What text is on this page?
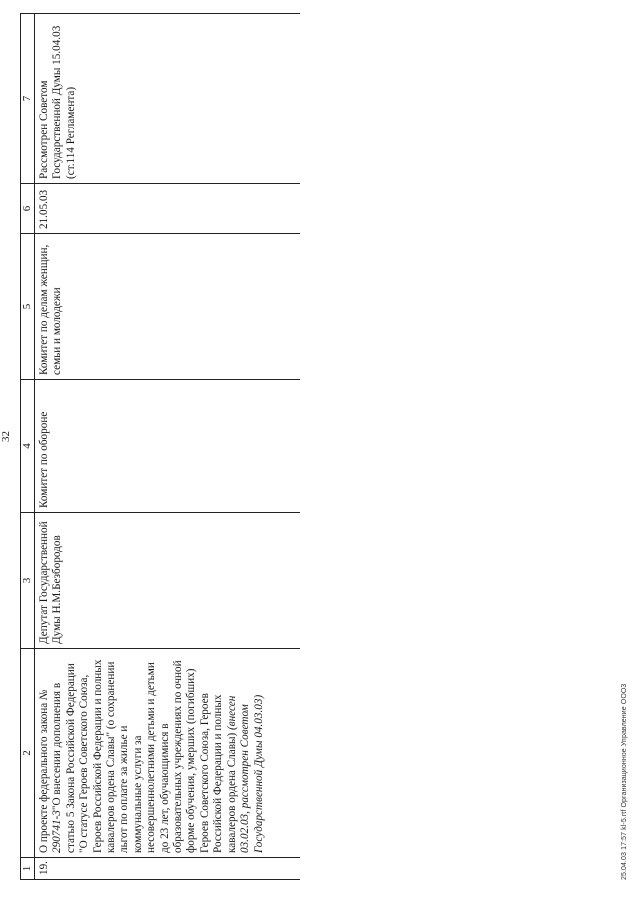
32
1	2	3	4	5	6	7
19.	О проекте федерального закона № 290741-3"О внесении дополнения в статью 5 Закона Российской Федерации "О статусе Героев Советского Союза, Героев Российской Федерации и полных кавалеров ордена Славы" (о сохранении льгот по оплате за жилье и коммунальные услуги за несовершеннолетними детьми и детьми до 23 лет, обучающимися в образовательных учреждениях по очной форме обучения, умерших (погибших) Героев Советского Союза, Героев Российской Федерации и полных кавалеров ордена Славы) (внесен 03.02.03, рассмотрен Советом Государственной Думы 04.03.03)	Депутат Государственной Думы Н.М.Безбородов	Комитет по обороне	Комитет по делам женщин, семьи и молодежи	21.05.03	Рассмотрен Советом Государственной Думы 15.04.03 (ст.114 Регламента)
25.04.03 17:57 kl-5.rtf Организационное Управление ООО3
